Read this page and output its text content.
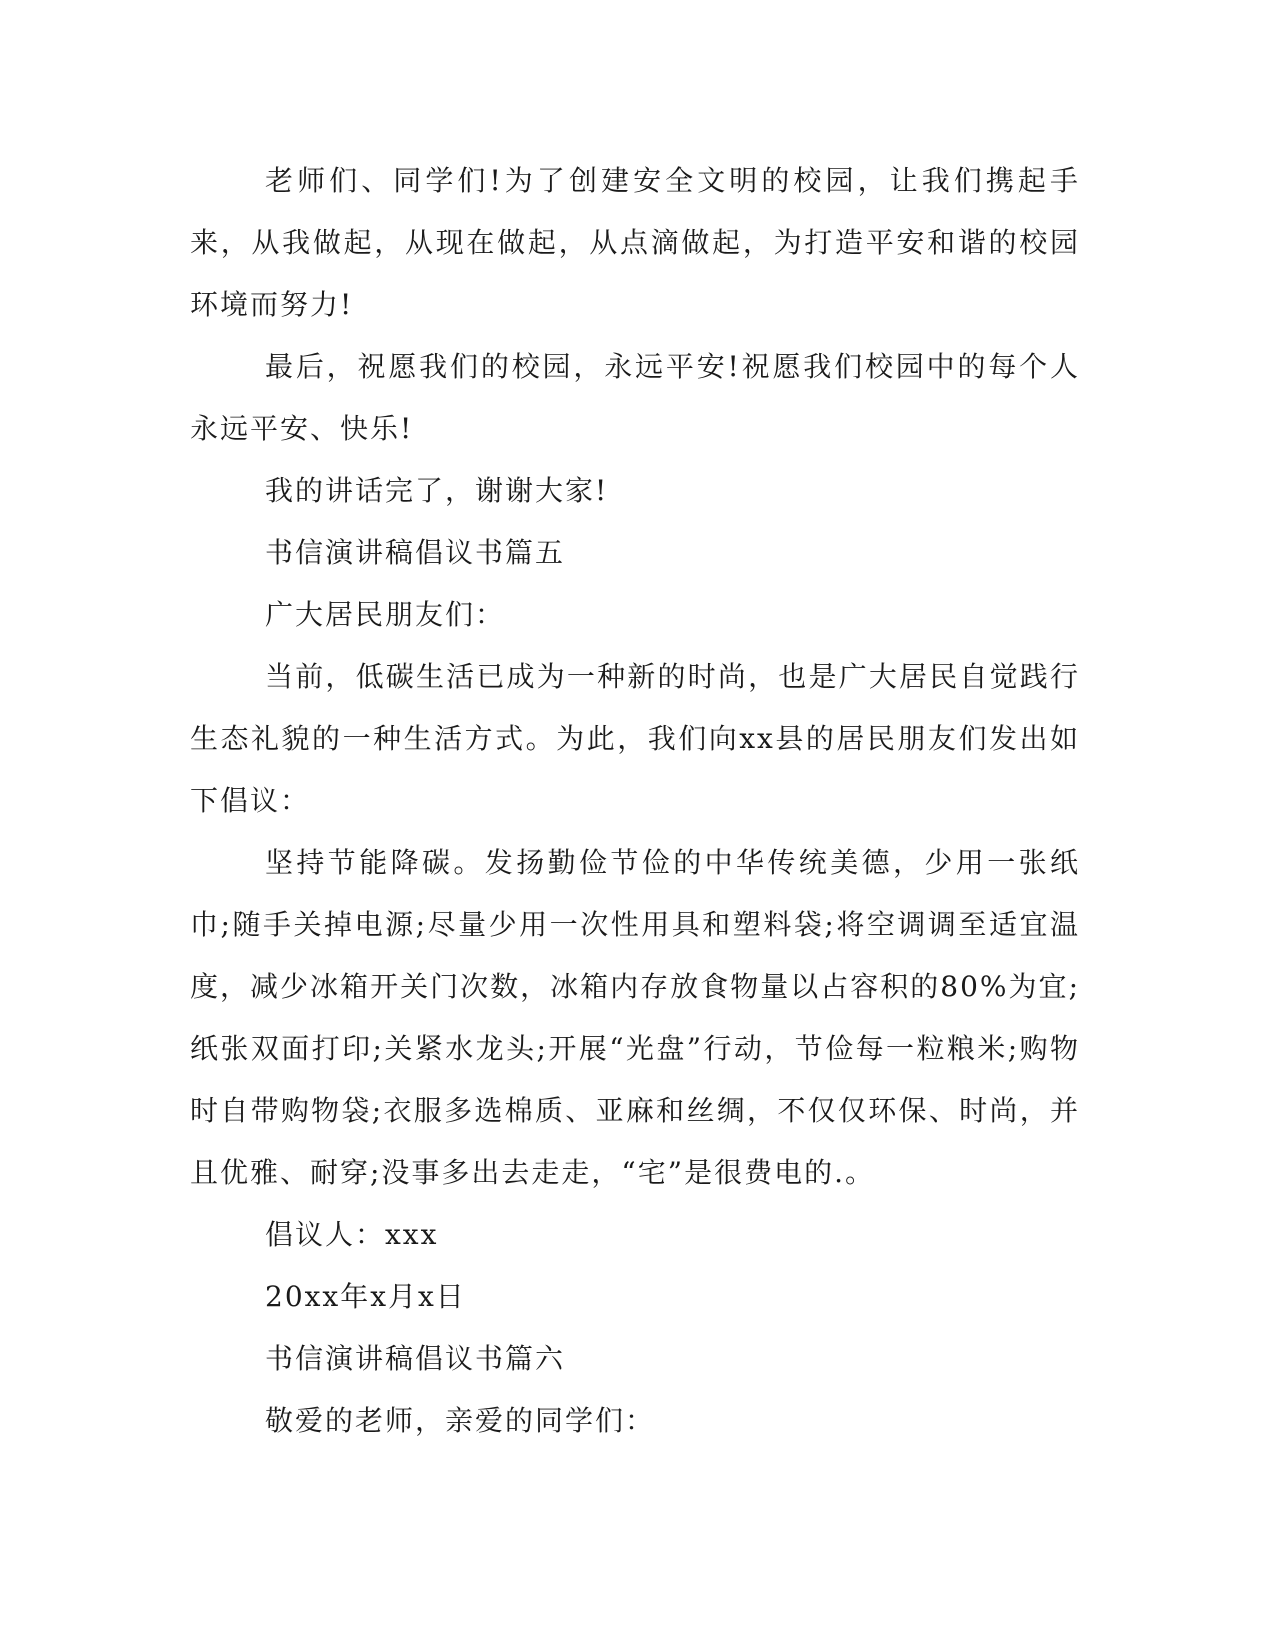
老师们、同学们!为了创建安全文明的校园，让我们携起手来，从我做起，从现在做起，从点滴做起，为打造平安和谐的校园环境而努力!

最后，祝愿我们的校园，永远平安!祝愿我们校园中的每个人永远平安、快乐!

我的讲话完了，谢谢大家!

书信演讲稿倡议书篇五

广大居民朋友们：

当前，低碳生活已成为一种新的时尚，也是广大居民自觉践行生态礼貌的一种生活方式。为此，我们向xx县的居民朋友们发出如下倡议：

坚持节能降碳。发扬勤俭节俭的中华传统美德，少用一张纸巾;随手关掉电源;尽量少用一次性用具和塑料袋;将空调调至适宜温度，减少冰箱开关门次数，冰箱内存放食物量以占容积的80%为宜;纸张双面打印;关紧水龙头;开展“光盘”行动，节俭每一粒粮米;购物时自带购物袋;衣服多选棉质、亚麻和丝绸，不仅仅环保、时尚，并且优雅、耐穿;没事多出去走走，“宅”是很费电的.。

倡议人：xxx

20xx年x月x日

书信演讲稿倡议书篇六

敬爱的老师，亲爱的同学们：
